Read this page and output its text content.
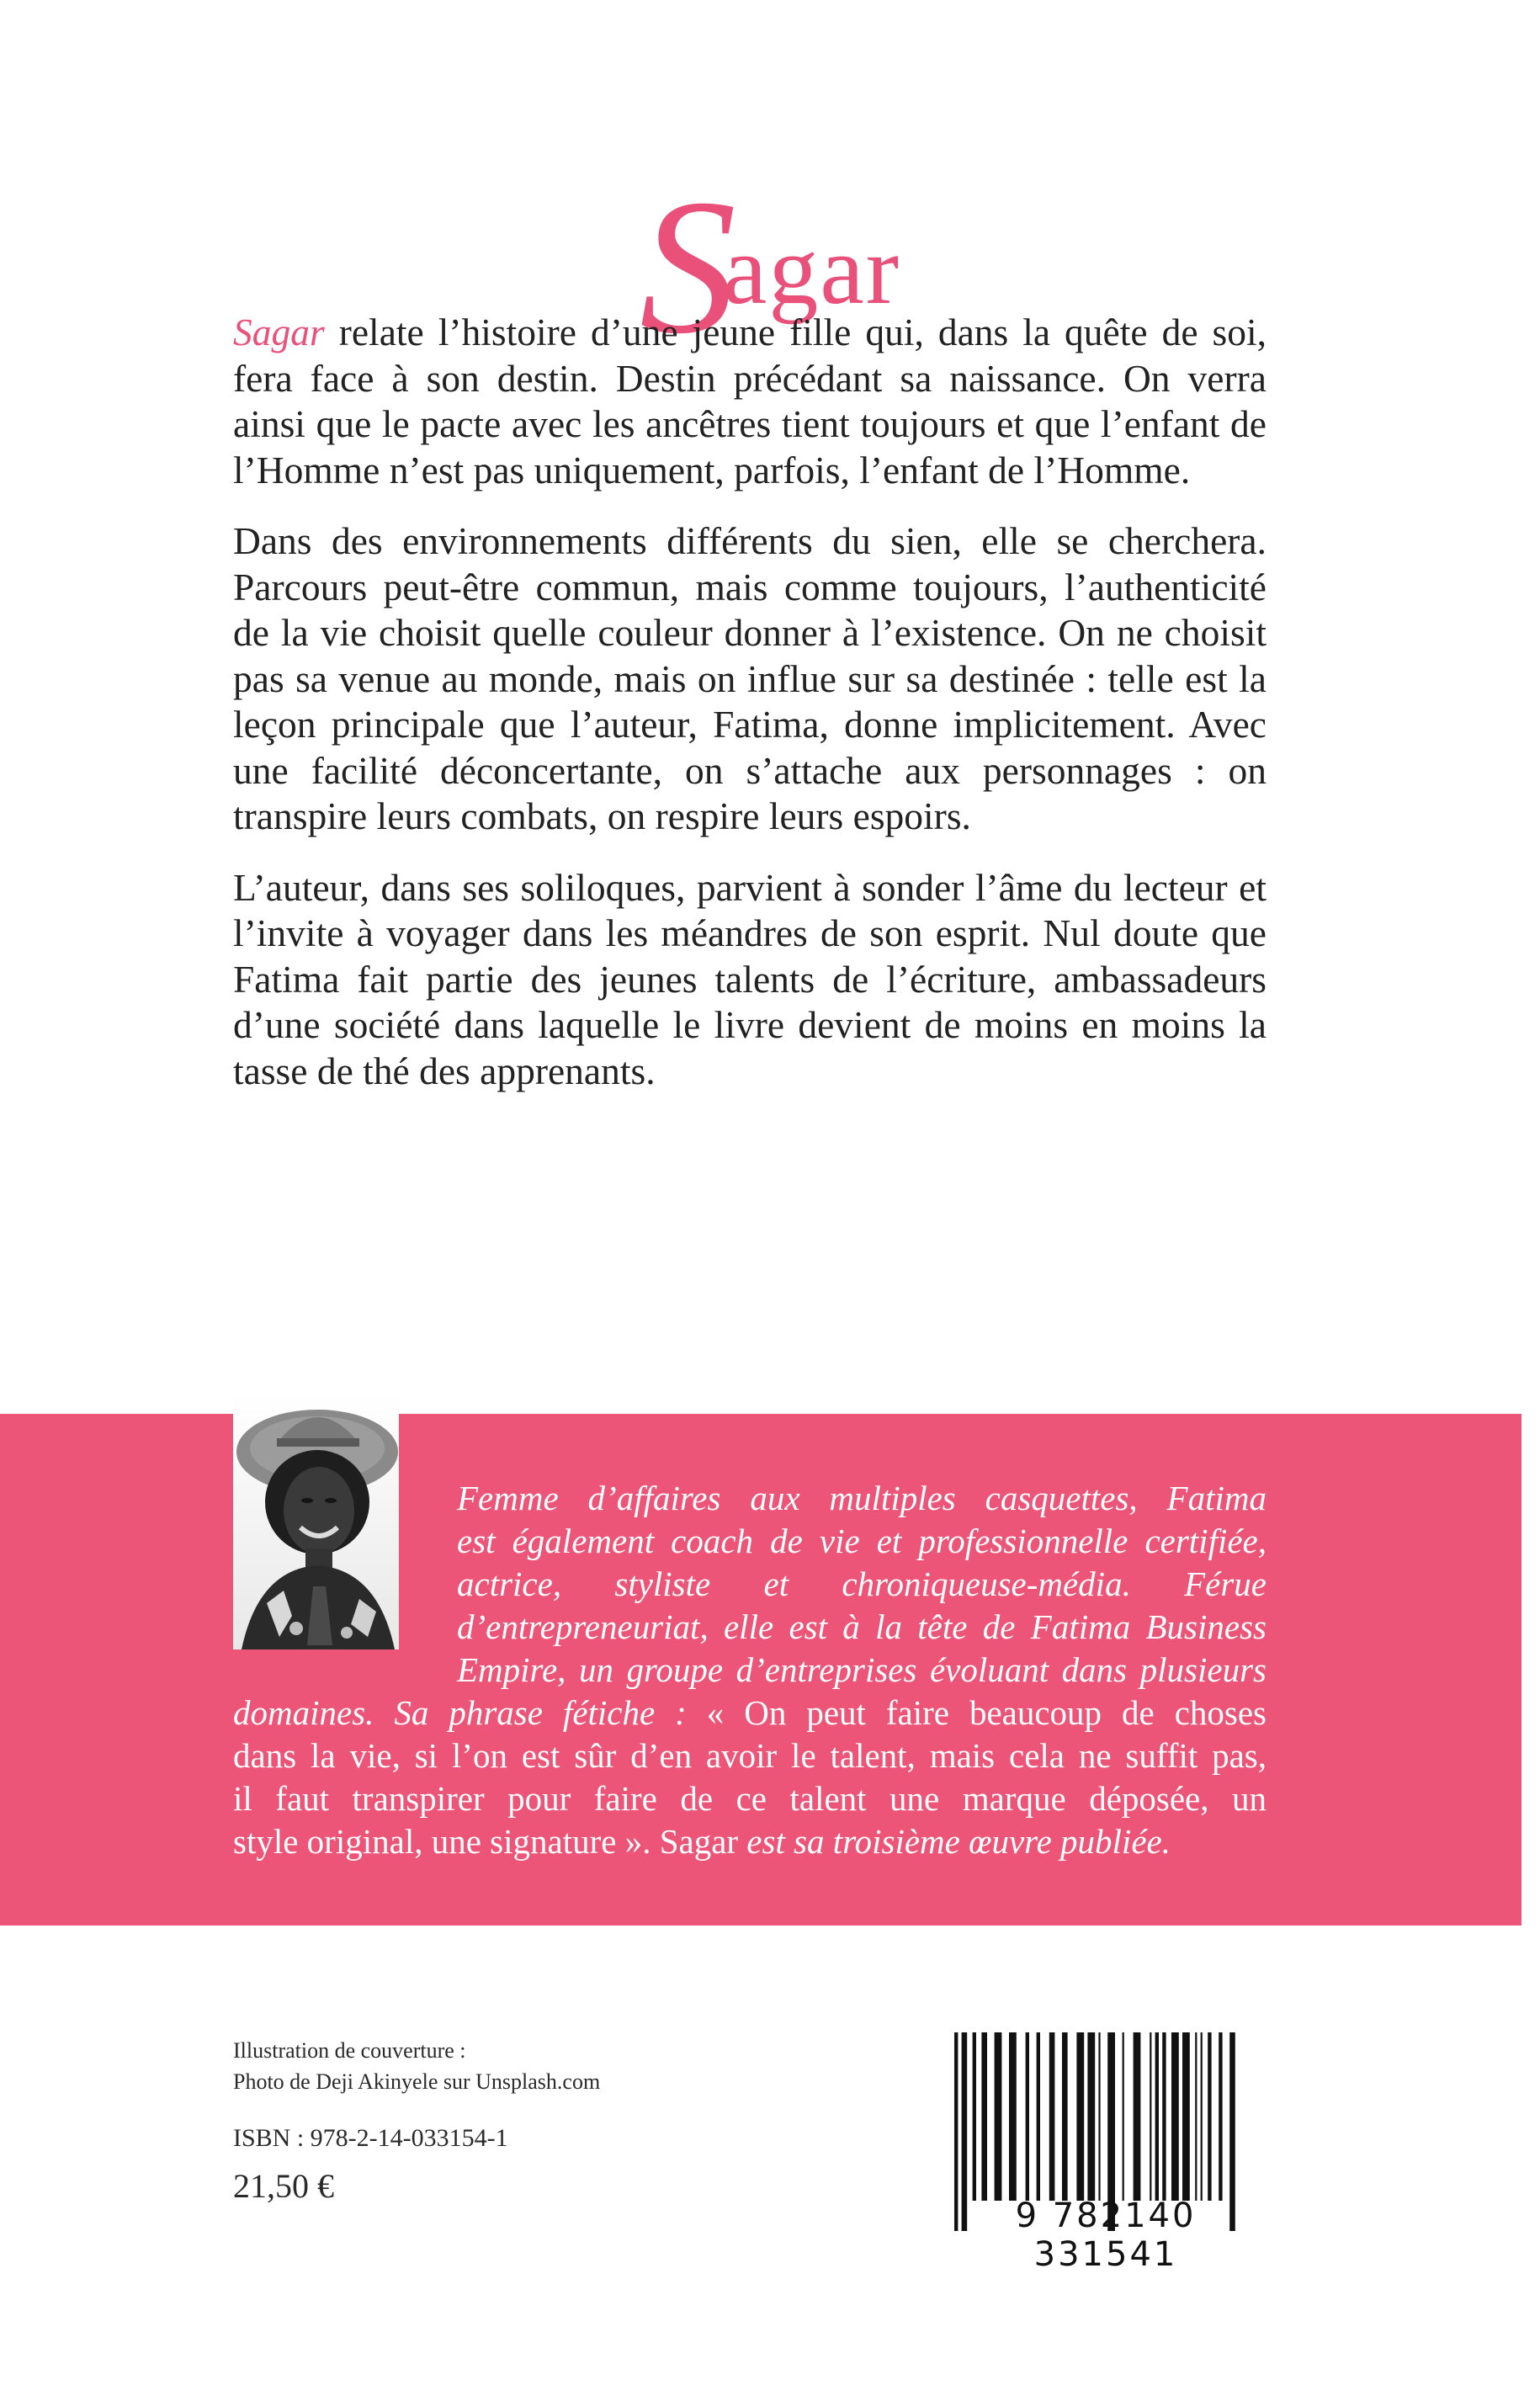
Sagar

Sagar relate l’histoire d’une jeune fille qui, dans la quête de soi, fera face à son destin. Destin précédant sa naissance. On verra ainsi que le pacte avec les ancêtres tient toujours et que l’enfant de l’Homme n’est pas uniquement, parfois, l’enfant de l’Homme.

Dans des environnements différents du sien, elle se cherchera. Parcours peut-être commun, mais comme toujours, l’authenticité de la vie choisit quelle couleur donner à l’existence. On ne choisit pas sa venue au monde, mais on influe sur sa destinée : telle est la leçon principale que l’auteur, Fatima, donne implicitement. Avec une facilité déconcertante, on s’attache aux personnages : on transpire leurs combats, on respire leurs espoirs.

L’auteur, dans ses soliloques, parvient à sonder l’âme du lecteur et l’invite à voyager dans les méandres de son esprit. Nul doute que Fatima fait partie des jeunes talents de l’écriture, ambassadeurs d’une société dans laquelle le livre devient de moins en moins la tasse de thé des apprenants.

Femme d’affaires aux multiples casquettes, Fatima
est également coach de vie et professionnelle certifiée,
actrice, styliste et chroniqueuse-média. Férue
d’entrepreneuriat, elle est à la tête de Fatima Business
Empire, un groupe d’entreprises évoluant dans plusieurs
domaines. Sa phrase fétiche : « On peut faire beaucoup de choses
dans la vie, si l’on est sûr d’en avoir le talent, mais cela ne suffit pas,
il faut transpirer pour faire de ce talent une marque déposée, un
style original, une signature ». Sagar est sa troisième œuvre publiée.
Illustration de couverture :
Photo de Deji Akinyele sur Unsplash.com
ISBN : 978-2-14-033154-1
21,50 €
9 782140 331541
